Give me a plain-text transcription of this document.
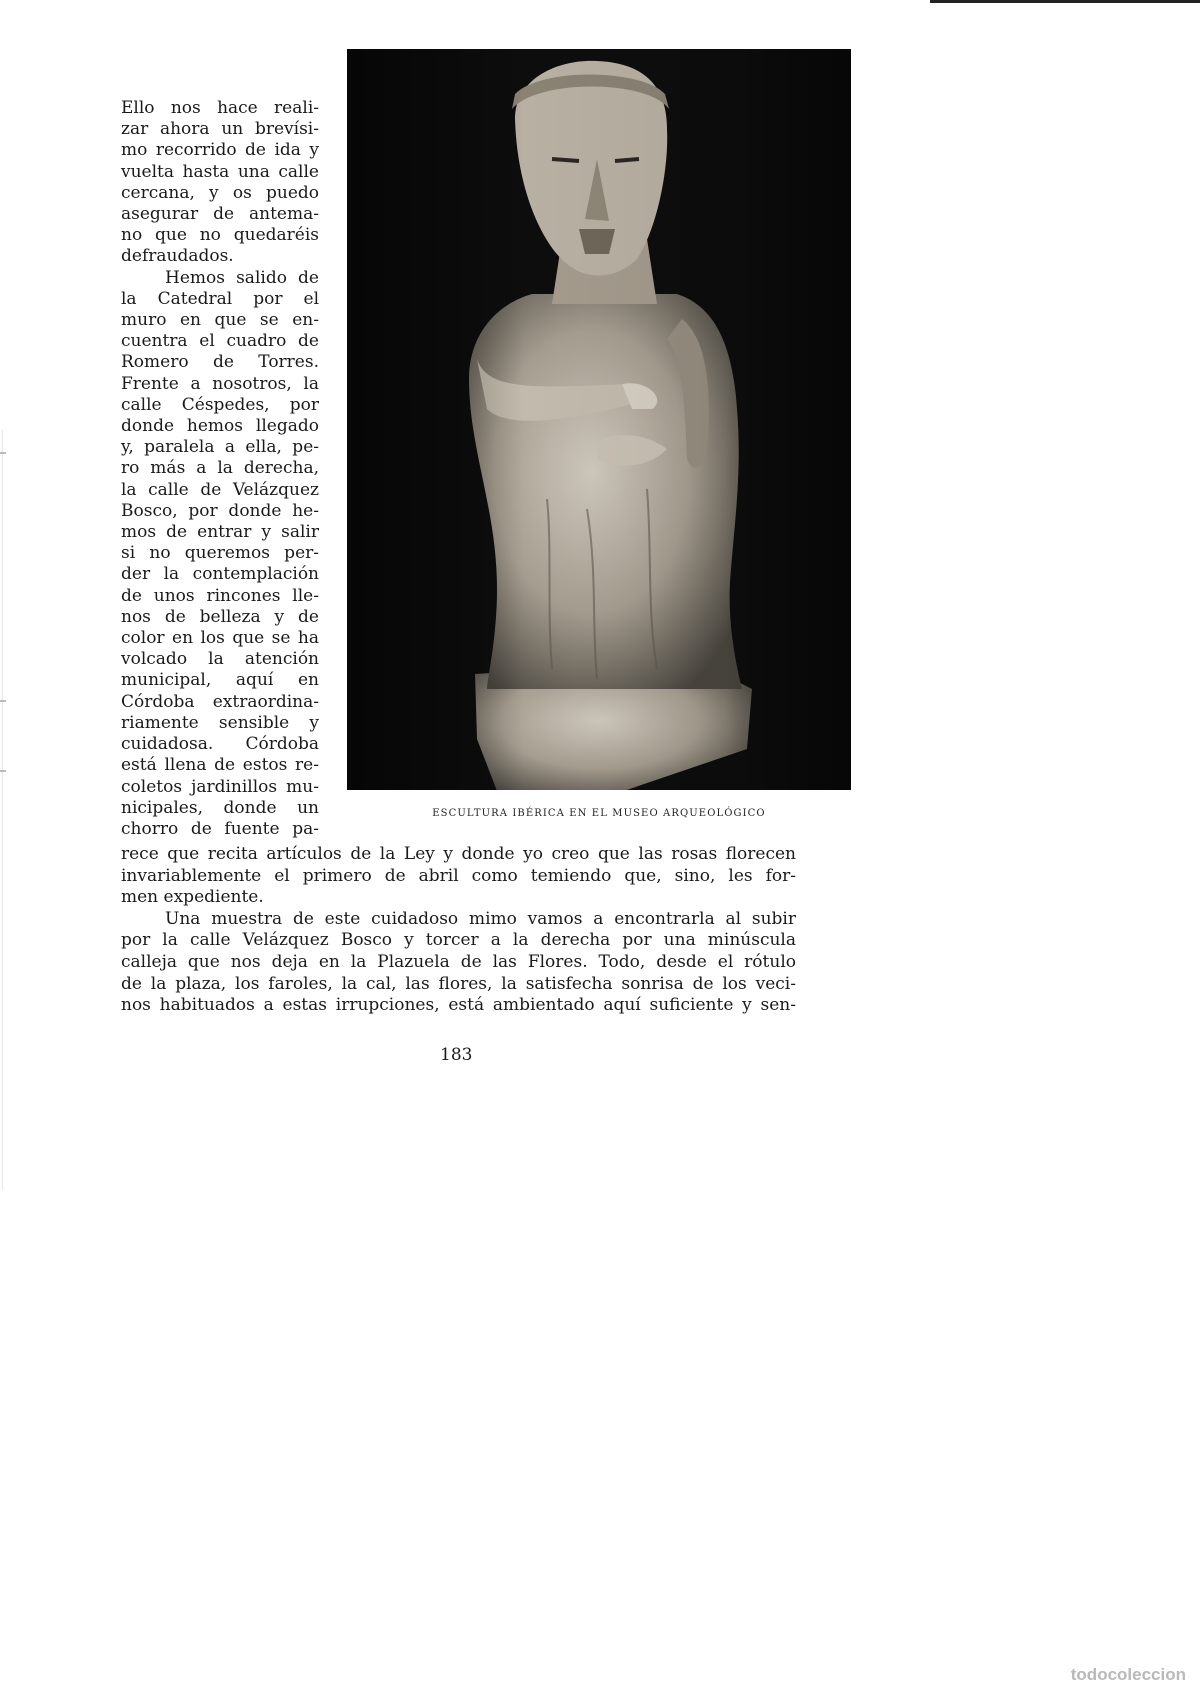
ESCULTURA IBÉRICA EN EL MUSEO ARQUEOLÓGICO
Ello nos hace reali-
zar ahora un brevísi-
mo recorrido de ida y
vuelta hasta una calle
cercana, y os puedo
asegurar de antema-
no que no quedaréis
defraudados.
Hemos salido de
la Catedral por el
muro en que se en-
cuentra el cuadro de
Romero de Torres.
Frente a nosotros, la
calle Céspedes, por
donde hemos llegado
y, paralela a ella, pe-
ro más a la derecha,
la calle de Velázquez
Bosco, por donde he-
mos de entrar y salir
si no queremos per-
der la contemplación
de unos rincones lle-
nos de belleza y de
color en los que se ha
volcado la atención
municipal, aquí en
Córdoba extraordina-
riamente sensible y
cuidadosa. Córdoba
está llena de estos re-
coletos jardinillos mu-
nicipales, donde un
chorro de fuente pa-
rece que recita artículos de la Ley y donde yo creo que las rosas florecen
invariablemente el primero de abril como temiendo que, sino, les for-
men expediente.
Una muestra de este cuidadoso mimo vamos a encontrarla al subir
por la calle Velázquez Bosco y torcer a la derecha por una minúscula
calleja que nos deja en la Plazuela de las Flores. Todo, desde el rótulo
de la plaza, los faroles, la cal, las flores, la satisfecha sonrisa de los veci-
nos habituados a estas irrupciones, está ambientado aquí suficiente y sen-
183
todocoleccion
